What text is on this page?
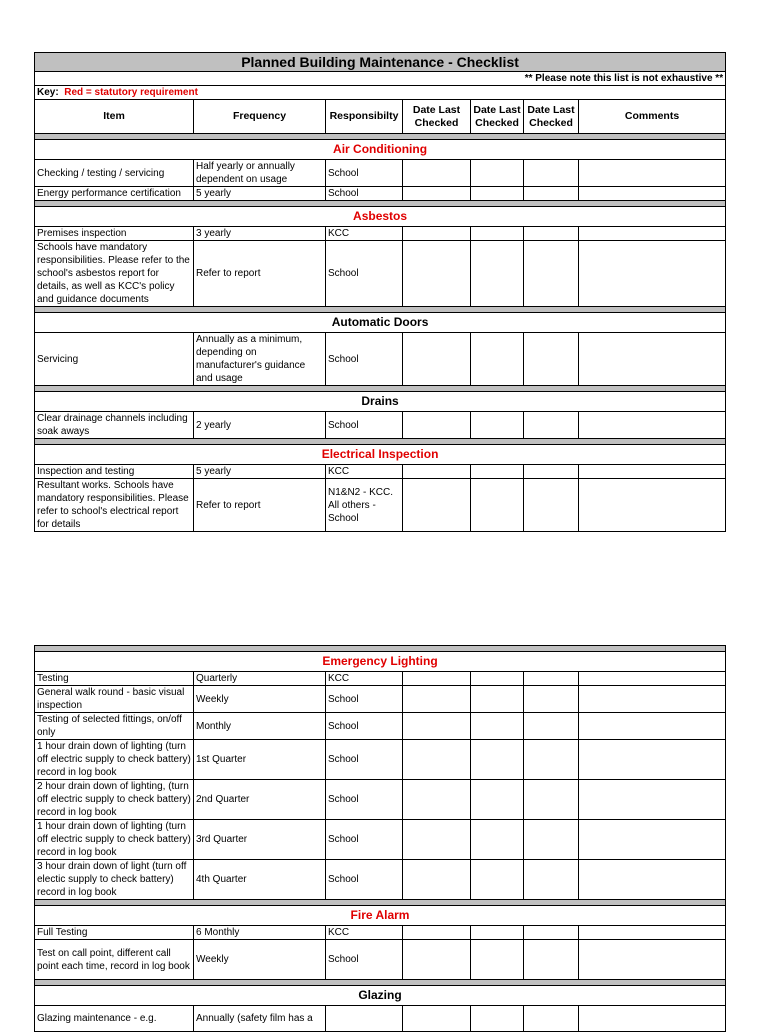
Planned Building Maintenance - Checklist						
** Please note this list is not exhaustive **						
Key: Red = statutory requirement						
Item	Frequency	Responsibilty	Date Last Checked	Date Last Checked	Date Last Checked	Comments

Air Conditioning						
Checking / testing / servicing	Half yearly or annually dependent on usage	School				
Energy performance certification	5 yearly	School				

Asbestos						
Premises inspection	3 yearly	KCC				
Schools have mandatory responsibilities. Please refer to the school's asbestos report for details, as well as KCC's policy and guidance documents	Refer to report	School				

Automatic Doors						
Servicing	Annually as a minimum, depending on manufacturer's guidance and usage	School				

Drains						
Clear drainage channels including soak aways	2 yearly	School				

Electrical Inspection						
Inspection and testing	5 yearly	KCC				
Resultant works. Schools have mandatory responsibilities. Please refer to school's electrical report for details	Refer to report	N1&N2 - KCC. All others - School				

Emergency Lighting						
Testing	Quarterly	KCC				
General walk round - basic visual inspection	Weekly	School				
Testing of selected fittings, on/off only	Monthly	School				
1 hour drain down of lighting (turn off electric supply to check battery) record in log book	1st Quarter	School				
2 hour drain down of lighting, (turn off electric supply to check battery) record in log book	2nd Quarter	School				
1 hour drain down of lighting (turn off electric supply to check battery) record in log book	3rd Quarter	School				
3 hour drain down of light (turn off electic supply to check battery) record in log book	4th Quarter	School				

Fire Alarm						
Full Testing	6 Monthly	KCC				
Test on call point, different call point each time, record in log book	Weekly	School				

Glazing						
Glazing maintenance - e.g.	Annually (safety film has a					
